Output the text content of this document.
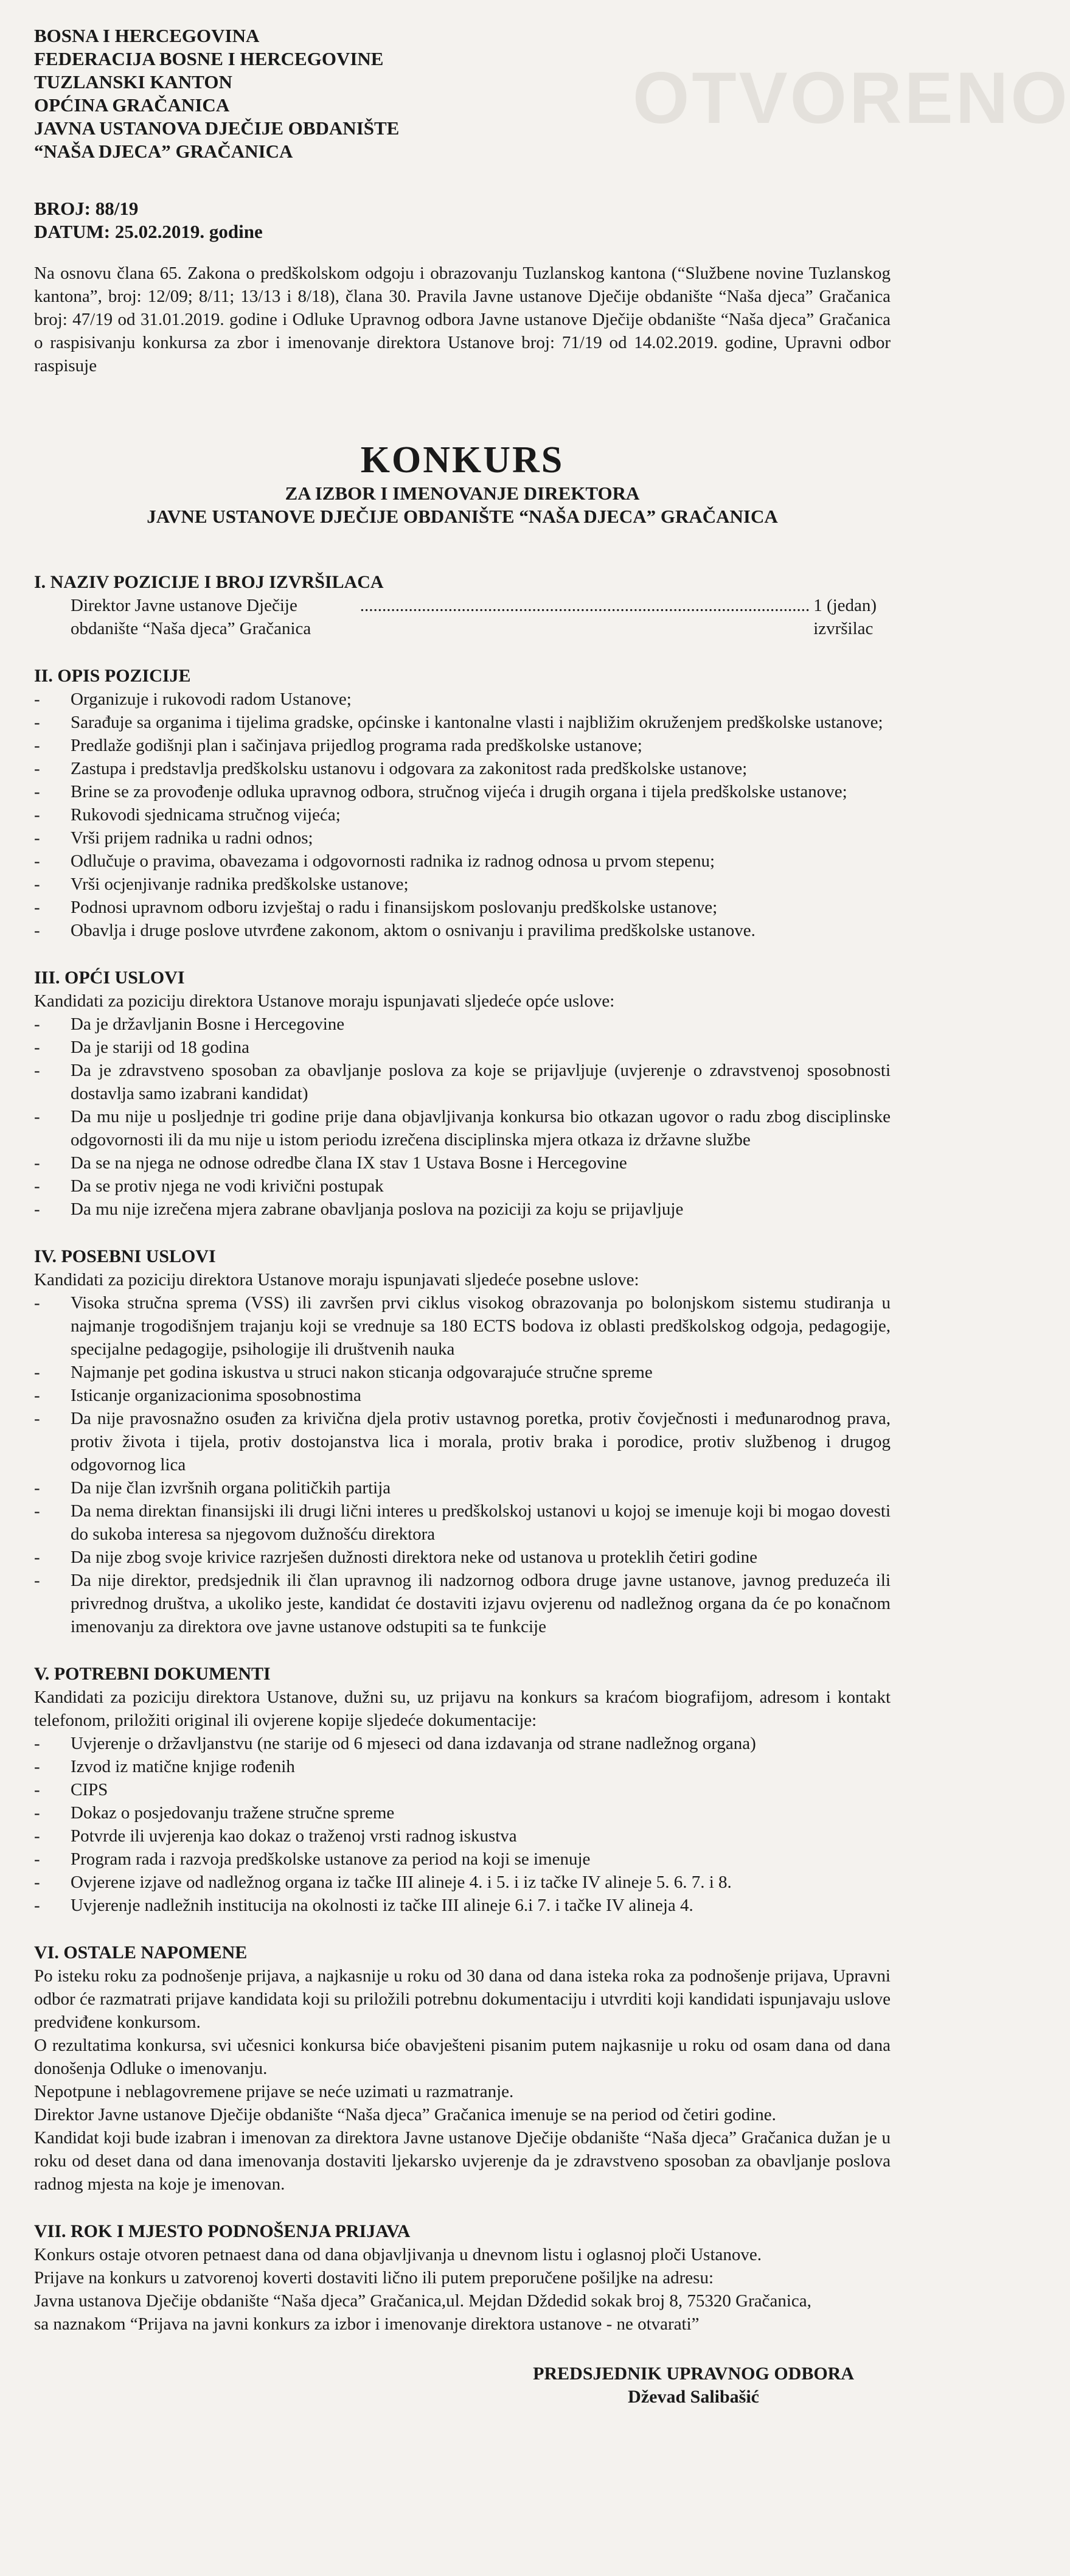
OTVORENO

BOSNA I HERCEGOVINA

FEDERACIJA BOSNE I HERCEGOVINE

TUZLANSKI KANTON

OPĆINA GRAČANICA

JAVNA USTANOVA DJEČIJE OBDANIŠTE

“NAŠA DJECA” GRAČANICA

BROJ: 88/19

DATUM: 25.02.2019. godine

Na osnovu člana 65. Zakona o predškolskom odgoju i obrazovanju Tuzlanskog kantona (“Službene novine Tuzlanskog kantona”, broj: 12/09; 8/11; 13/13 i 8/18), člana 30. Pravila Javne ustanove Dječije obdanište “Naša djeca” Gračanica broj: 47/19 od 31.01.2019. godine i Odluke Upravnog odbora Javne ustanove Dječije obdanište “Naša djeca” Gračanica o raspisivanju konkursa za zbor i imenovanje direktora Ustanove broj: 71/19 od 14.02.2019. godine, Upravni odbor raspisuje

KONKURS

ZA IZBOR I IMENOVANJE DIREKTORA

JAVNE USTANOVE DJEČIJE OBDANIŠTE “NAŠA DJECA” GRAČANICA

I. NAZIV POZICIJE I BROJ IZVRŠILACA
Direktor Javne ustanove Dječije obdanište “Naša djeca” Gračanica
...................................................................................................... 1 (jedan) izvršilac
II. OPIS POZICIJE
- Organizuje i rukovodi radom Ustanove;
- Sarađuje sa organima i tijelima gradske, općinske i kantonalne vlasti i najbližim okruženjem predškolske ustanove;
- Predlaže godišnji plan i sačinjava prijedlog programa rada predškolske ustanove;
- Zastupa i predstavlja predškolsku ustanovu i odgovara za zakonitost rada predškolske ustanove;
- Brine se za provođenje odluka upravnog odbora, stručnog vijeća i drugih organa i tijela predškolske ustanove;
- Rukovodi sjednicama stručnog vijeća;
- Vrši prijem radnika u radni odnos;
- Odlučuje o pravima, obavezama i odgovornosti radnika iz radnog odnosa u prvom stepenu;
- Vrši ocjenjivanje radnika predškolske ustanove;
- Podnosi upravnom odboru izvještaj o radu i finansijskom poslovanju predškolske ustanove;
- Obavlja i druge poslove utvrđene zakonom, aktom o osnivanju i pravilima predškolske ustanove.
III. OPĆI USLOVI

Kandidati za poziciju direktora Ustanove moraju ispunjavati sljedeće opće uslove:

- Da je državljanin Bosne i Hercegovine
- Da je stariji od 18 godina
- Da je zdravstveno sposoban za obavljanje poslova za koje se prijavljuje (uvjerenje o zdravstvenoj sposobnosti dostavlja samo izabrani kandidat)
- Da mu nije u posljednje tri godine prije dana objavljivanja konkursa bio otkazan ugovor o radu zbog disciplinske odgovornosti ili da mu nije u istom periodu izrečena disciplinska mjera otkaza iz državne službe
- Da se na njega ne odnose odredbe člana IX stav 1 Ustava Bosne i Hercegovine
- Da se protiv njega ne vodi krivični postupak
- Da mu nije izrečena mjera zabrane obavljanja poslova na poziciji za koju se prijavljuje
IV. POSEBNI USLOVI

Kandidati za poziciju direktora Ustanove moraju ispunjavati sljedeće posebne uslove:

- Visoka stručna sprema (VSS) ili završen prvi ciklus visokog obrazovanja po bolonjskom sistemu studiranja u najmanje trogodišnjem trajanju koji se vrednuje sa 180 ECTS bodova iz oblasti predškolskog odgoja, pedagogije, specijalne pedagogije, psihologije ili društvenih nauka
- Najmanje pet godina iskustva u struci nakon sticanja odgovarajuće stručne spreme
- Isticanje organizacionima sposobnostima
- Da nije pravosnažno osuđen za krivična djela protiv ustavnog poretka, protiv čovječnosti i međunarodnog prava, protiv života i tijela, protiv dostojanstva lica i morala, protiv braka i porodice, protiv službenog i drugog odgovornog lica
- Da nije član izvršnih organa političkih partija
- Da nema direktan finansijski ili drugi lični interes u predškolskoj ustanovi u kojoj se imenuje koji bi mogao dovesti do sukoba interesa sa njegovom dužnošću direktora
- Da nije zbog svoje krivice razrješen dužnosti direktora neke od ustanova u proteklih četiri godine
- Da nije direktor, predsjednik ili član upravnog ili nadzornog odbora druge javne ustanove, javnog preduzeća ili privrednog društva, a ukoliko jeste, kandidat će dostaviti izjavu ovjerenu od nadležnog organa da će po konačnom imenovanju za direktora ove javne ustanove odstupiti sa te funkcije
V. POTREBNI DOKUMENTI

Kandidati za poziciju direktora Ustanove, dužni su, uz prijavu na konkurs sa kraćom biografijom, adresom i kontakt telefonom, priložiti original ili ovjerene kopije sljedeće dokumentacije:

- Uvjerenje o državljanstvu (ne starije od 6 mjeseci od dana izdavanja od strane nadležnog organa)
- Izvod iz matične knjige rođenih
- CIPS
- Dokaz o posjedovanju tražene stručne spreme
- Potvrde ili uvjerenja kao dokaz o traženoj vrsti radnog iskustva
- Program rada i razvoja predškolske ustanove za period na koji se imenuje
- Ovjerene izjave od nadležnog organa iz tačke III alineje 4. i 5. i iz tačke IV alineje 5. 6. 7. i 8.
- Uvjerenje nadležnih institucija na okolnosti iz tačke III alineje 6.i 7. i tačke IV alineja 4.
VI. OSTALE NAPOMENE

Po isteku roku za podnošenje prijava, a najkasnije u roku od 30 dana od dana isteka roka za podnošenje prijava, Upravni odbor će razmatrati prijave kandidata koji su priložili potrebnu dokumentaciju i utvrditi koji kandidati ispunjavaju uslove predviđene konkursom.

O rezultatima konkursa, svi učesnici konkursa biće obavješteni pisanim putem najkasnije u roku od osam dana od dana donošenja Odluke o imenovanju.

Nepotpune i neblagovremene prijave se neće uzimati u razmatranje.

Direktor Javne ustanove Dječije obdanište “Naša djeca” Gračanica imenuje se na period od četiri godine.

Kandidat koji bude izabran i imenovan za direktora Javne ustanove Dječije obdanište “Naša djeca” Gračanica dužan je u roku od deset dana od dana imenovanja dostaviti ljekarsko uvjerenje da je zdravstveno sposoban za obavljanje poslova radnog mjesta na koje je imenovan.

VII. ROK I MJESTO PODNOŠENJA PRIJAVA

Konkurs ostaje otvoren petnaest dana od dana objavljivanja u dnevnom listu i oglasnoj ploči Ustanove.

Prijave na konkurs u zatvorenoj koverti dostaviti lično ili putem preporučene pošiljke na adresu:

Javna ustanova Dječije obdanište “Naša djeca” Gračanica,ul. Mejdan Dždedid sokak broj 8, 75320 Gračanica,

sa naznakom “Prijava na javni konkurs za izbor i imenovanje direktora ustanove - ne otvarati”

PREDSJEDNIK UPRAVNOG ODBORA

Dževad Salibašić
